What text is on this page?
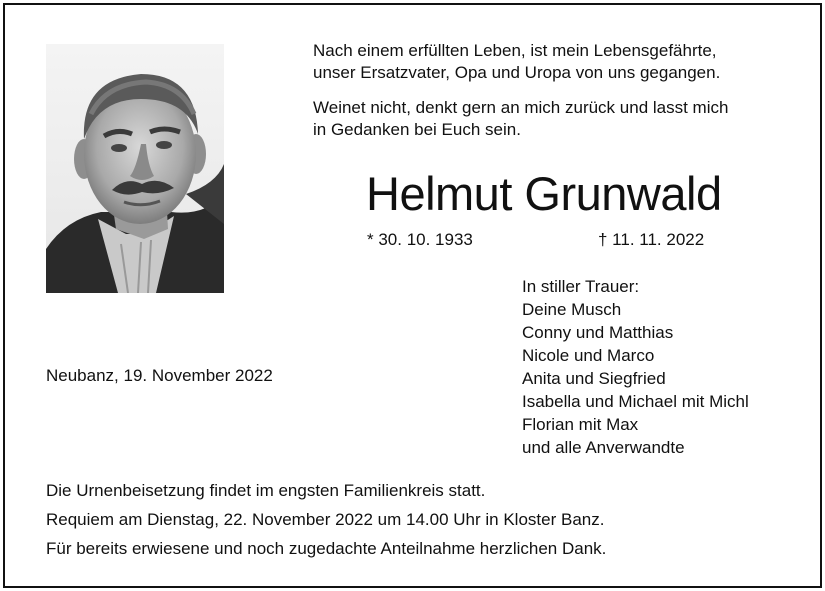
Nach einem erfüllten Leben, ist mein Lebensgefährte,
unser Ersatzvater, Opa und Uropa von uns gegangen.

Weinet nicht, denkt gern an mich zurück und lasst mich
in Gedanken bei Euch sein.

Helmut Grunwald
* 30. 10. 1933	† 11. 11. 2022
Neubanz, 19. November 2022
In stiller Trauer:
Deine Musch
Conny und Matthias
Nicole und Marco
Anita und Siegfried
Isabella und Michael mit Michl
Florian mit Max
und alle Anverwandte
Die Urnenbeisetzung findet im engsten Familienkreis statt.
Requiem am Dienstag, 22. November 2022 um 14.00 Uhr in Kloster Banz.
Für bereits erwiesene und noch zugedachte Anteilnahme herzlichen Dank.
